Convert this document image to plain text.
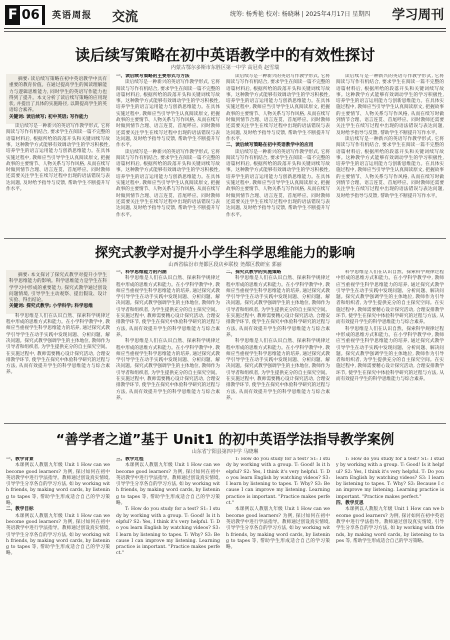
F 06	英语周报 交流	统筹: 杨秀艳 校对: 杨晓琳 | 2025年4月17日 星期四 学习周刊
读后续写策略在初中英语教学中的有效性探讨
内蒙古鄂尔多斯市东胜区第一中学 高冠英 赵雪瑞

摘要: 读后续写策略在初中英语教学中具有重要的教育价值。在通过提高学生的阅读理解能力与逻辑思维能力, 同时学生的英语写作能力也得到了提升。本文分析了读后续写策略的应用现状, 并提出了具体的实施路径, 以期提高学生的英语综合素养。

关键词: 读后续写; 初中英语; 写作能力

读后续写是一种新兴的英语写作教学形式, 它将阅读与写作有机结合, 要求学生在阅读一篇不完整的语篇材料后, 根据所给的段落开头和关键词续写故事。这种教学方式能够有效调动学生的学习积极性, 培养学生的语言运用能力与创新思维能力。在具体实施过程中, 教师应当引导学生认真阅读原文, 把握故事的主要情节、人物关系与写作风格, 从而在续写时做到情节合理、语言连贯、首尾呼应。同时教师还需要关注学生在续写过程中出现的语法错误与表达问题, 及时给予指导与反馈, 帮助学生不断提升写作水平。

一、读后续写策略的主要形式与方法

读后续写是一种新兴的英语写作教学形式, 它将阅读与写作有机结合, 要求学生在阅读一篇不完整的语篇材料后, 根据所给的段落开头和关键词续写故事。这种教学方式能够有效调动学生的学习积极性, 培养学生的语言运用能力与创新思维能力。在具体实施过程中, 教师应当引导学生认真阅读原文, 把握故事的主要情节、人物关系与写作风格, 从而在续写时做到情节合理、语言连贯、首尾呼应。同时教师还需要关注学生在续写过程中出现的语法错误与表达问题, 及时给予指导与反馈, 帮助学生不断提升写作水平。

读后续写是一种新兴的英语写作教学形式, 它将阅读与写作有机结合, 要求学生在阅读一篇不完整的语篇材料后, 根据所给的段落开头和关键词续写故事。这种教学方式能够有效调动学生的学习积极性, 培养学生的语言运用能力与创新思维能力。在具体实施过程中, 教师应当引导学生认真阅读原文, 把握故事的主要情节、人物关系与写作风格, 从而在续写时做到情节合理、语言连贯、首尾呼应。同时教师还需要关注学生在续写过程中出现的语法错误与表达问题, 及时给予指导与反馈, 帮助学生不断提升写作水平。

读后续写是一种新兴的英语写作教学形式, 它将阅读与写作有机结合, 要求学生在阅读一篇不完整的语篇材料后, 根据所给的段落开头和关键词续写故事。这种教学方式能够有效调动学生的学习积极性, 培养学生的语言运用能力与创新思维能力。在具体实施过程中, 教师应当引导学生认真阅读原文, 把握故事的主要情节、人物关系与写作风格, 从而在续写时做到情节合理、语言连贯、首尾呼应。同时教师还需要关注学生在续写过程中出现的语法错误与表达问题, 及时给予指导与反馈, 帮助学生不断提升写作水平。

二、读后续写策略在初中英语教学中的应用

读后续写是一种新兴的英语写作教学形式, 它将阅读与写作有机结合, 要求学生在阅读一篇不完整的语篇材料后, 根据所给的段落开头和关键词续写故事。这种教学方式能够有效调动学生的学习积极性, 培养学生的语言运用能力与创新思维能力。在具体实施过程中, 教师应当引导学生认真阅读原文, 把握故事的主要情节、人物关系与写作风格, 从而在续写时做到情节合理、语言连贯、首尾呼应。同时教师还需要关注学生在续写过程中出现的语法错误与表达问题, 及时给予指导与反馈, 帮助学生不断提升写作水平。

读后续写是一种新兴的英语写作教学形式, 它将阅读与写作有机结合, 要求学生在阅读一篇不完整的语篇材料后, 根据所给的段落开头和关键词续写故事。这种教学方式能够有效调动学生的学习积极性, 培养学生的语言运用能力与创新思维能力。在具体实施过程中, 教师应当引导学生认真阅读原文, 把握故事的主要情节、人物关系与写作风格, 从而在续写时做到情节合理、语言连贯、首尾呼应。同时教师还需要关注学生在续写过程中出现的语法错误与表达问题, 及时给予指导与反馈, 帮助学生不断提升写作水平。

读后续写是一种新兴的英语写作教学形式, 它将阅读与写作有机结合, 要求学生在阅读一篇不完整的语篇材料后, 根据所给的段落开头和关键词续写故事。这种教学方式能够有效调动学生的学习积极性, 培养学生的语言运用能力与创新思维能力。在具体实施过程中, 教师应当引导学生认真阅读原文, 把握故事的主要情节、人物关系与写作风格, 从而在续写时做到情节合理、语言连贯、首尾呼应。同时教师还需要关注学生在续写过程中出现的语法错误与表达问题, 及时给予指导与反馈, 帮助学生不断提升写作水平。

探究式教学对提升小学生科学思维能力的影响
山西省临汾市尧都区段店乡联校 尧都区教研室 郭丽

摘要: 本文探讨了探究式教学对提升小学生科学思维能力的影响。科学思维能力是学生在科学学习中形成的重要能力, 探究式教学通过创设问题情境, 引导学生主动观察、提出假设、设计实验、得出结论。

关键词: 探究式教学; 小学科学; 科学思维

科学思维是人们在认识自然、探索科学规律过程中形成的思维方式和能力。在小学科学教学中, 教师应当重视学生科学思维能力的培养, 通过探究式教学引导学生在动手实践中发现问题、分析问题、解决问题。探究式教学强调学生的主体地位, 教师作为引导者和组织者, 为学生提供充分的自主探究空间。在实施过程中, 教师需要精心设计探究活动, 合理安排教学环节, 使学生在探究中体验科学研究的过程与方法, 从而有效提升学生的科学思维能力与综合素养。

一、科学思维能力的内涵

科学思维是人们在认识自然、探索科学规律过程中形成的思维方式和能力。在小学科学教学中, 教师应当重视学生科学思维能力的培养, 通过探究式教学引导学生在动手实践中发现问题、分析问题、解决问题。探究式教学强调学生的主体地位, 教师作为引导者和组织者, 为学生提供充分的自主探究空间。在实施过程中, 教师需要精心设计探究活动, 合理安排教学环节, 使学生在探究中体验科学研究的过程与方法, 从而有效提升学生的科学思维能力与综合素养。

科学思维是人们在认识自然、探索科学规律过程中形成的思维方式和能力。在小学科学教学中, 教师应当重视学生科学思维能力的培养, 通过探究式教学引导学生在动手实践中发现问题、分析问题、解决问题。探究式教学强调学生的主体地位, 教师作为引导者和组织者, 为学生提供充分的自主探究空间。在实施过程中, 教师需要精心设计探究活动, 合理安排教学环节, 使学生在探究中体验科学研究的过程与方法, 从而有效提升学生的科学思维能力与综合素养。

二、探究式教学的实施策略

科学思维是人们在认识自然、探索科学规律过程中形成的思维方式和能力。在小学科学教学中, 教师应当重视学生科学思维能力的培养, 通过探究式教学引导学生在动手实践中发现问题、分析问题、解决问题。探究式教学强调学生的主体地位, 教师作为引导者和组织者, 为学生提供充分的自主探究空间。在实施过程中, 教师需要精心设计探究活动, 合理安排教学环节, 使学生在探究中体验科学研究的过程与方法, 从而有效提升学生的科学思维能力与综合素养。

科学思维是人们在认识自然、探索科学规律过程中形成的思维方式和能力。在小学科学教学中, 教师应当重视学生科学思维能力的培养, 通过探究式教学引导学生在动手实践中发现问题、分析问题、解决问题。探究式教学强调学生的主体地位, 教师作为引导者和组织者, 为学生提供充分的自主探究空间。在实施过程中, 教师需要精心设计探究活动, 合理安排教学环节, 使学生在探究中体验科学研究的过程与方法, 从而有效提升学生的科学思维能力与综合素养。

科学思维是人们在认识自然、探索科学规律过程中形成的思维方式和能力。在小学科学教学中, 教师应当重视学生科学思维能力的培养, 通过探究式教学引导学生在动手实践中发现问题、分析问题、解决问题。探究式教学强调学生的主体地位, 教师作为引导者和组织者, 为学生提供充分的自主探究空间。在实施过程中, 教师需要精心设计探究活动, 合理安排教学环节, 使学生在探究中体验科学研究的过程与方法, 从而有效提升学生的科学思维能力与综合素养。

科学思维是人们在认识自然、探索科学规律过程中形成的思维方式和能力。在小学科学教学中, 教师应当重视学生科学思维能力的培养, 通过探究式教学引导学生在动手实践中发现问题、分析问题、解决问题。探究式教学强调学生的主体地位, 教师作为引导者和组织者, 为学生提供充分的自主探究空间。在实施过程中, 教师需要精心设计探究活动, 合理安排教学环节, 使学生在探究中体验科学研究的过程与方法, 从而有效提升学生的科学思维能力与综合素养。

“善学者之道”基于 Unit1 的初中英语学法指导教学案例
山东省宁阳县第四中学 马晓琳

一、教学背景

本课例以人教版九年级 Unit 1 How can we become good learners? 为例, 探讨如何在初中英语教学中进行学法指导。教师通过创设真实情境, 引导学生分享各自的学习方法, 如 by working with friends, by making word cards, by listening to tapes 等, 帮助学生形成适合自己的学习策略。

二、教学目标

本课例以人教版九年级 Unit 1 How can we become good learners? 为例, 探讨如何在初中英语教学中进行学法指导。教师通过创设真实情境, 引导学生分享各自的学习方法, 如 by working with friends, by making word cards, by listening to tapes 等, 帮助学生形成适合自己的学习策略。

三、教学过程

本课例以人教版九年级 Unit 1 How can we become good learners? 为例, 探讨如何在初中英语教学中进行学法指导。教师通过创设真实情境, 引导学生分享各自的学习方法, 如 by working with friends, by making word cards, by listening to tapes 等, 帮助学生形成适合自己的学习策略。

T: How do you study for a test? S1: I study by working with a group. T: Good! Is it helpful? S2: Yes, I think it's very helpful. T: Do you learn English by watching videos? S3: I learn by listening to tapes. T: Why? S3: Because I can improve my listening. Learning practice is important. "Practice makes perfect."

T: How do you study for a test? S1: I study by working with a group. T: Good! Is it helpful? S2: Yes, I think it's very helpful. T: Do you learn English by watching videos? S3: I learn by listening to tapes. T: Why? S3: Because I can improve my listening. Learning practice is important. "Practice makes perfect."

本课例以人教版九年级 Unit 1 How can we become good learners? 为例, 探讨如何在初中英语教学中进行学法指导。教师通过创设真实情境, 引导学生分享各自的学习方法, 如 by working with friends, by making word cards, by listening to tapes 等, 帮助学生形成适合自己的学习策略。

T: How do you study for a test? S1: I study by working with a group. T: Good! Is it helpful? S2: Yes, I think it's very helpful. T: Do you learn English by watching videos? S3: I learn by listening to tapes. T: Why? S3: Because I can improve my listening. Learning practice is important. "Practice makes perfect."

四、教学反思

本课例以人教版九年级 Unit 1 How can we become good learners? 为例, 探讨如何在初中英语教学中进行学法指导。教师通过创设真实情境, 引导学生分享各自的学习方法, 如 by working with friends, by making word cards, by listening to tapes 等, 帮助学生形成适合自己的学习策略。
